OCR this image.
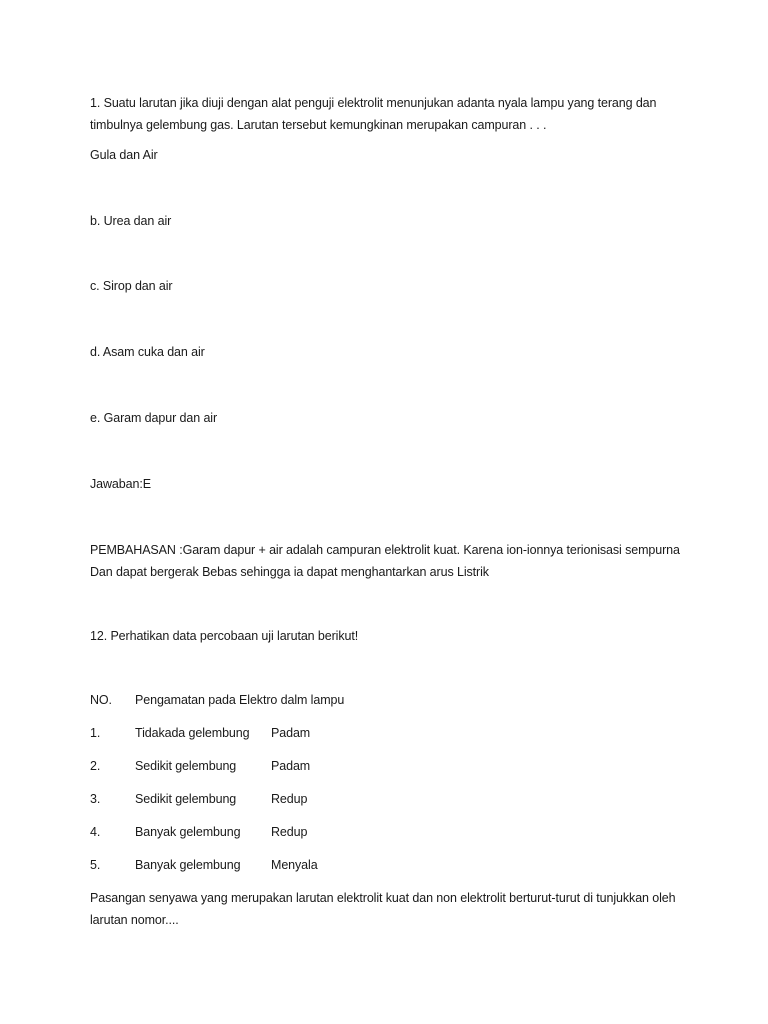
1. Suatu larutan jika diuji dengan alat penguji elektrolit menunjukan adanta nyala lampu yang terang dan timbulnya gelembung gas. Larutan tersebut kemungkinan merupakan campuran . . .
Gula dan Air
b. Urea dan air
c. Sirop dan air
d. Asam cuka dan air
e. Garam dapur dan air
Jawaban:E
PEMBAHASAN :Garam dapur + air adalah campuran elektrolit kuat. Karena ion-ionnya terionisasi sempurna Dan dapat bergerak Bebas sehingga ia dapat menghantarkan arus Listrik
12. Perhatikan data percobaan uji larutan berikut!
NO. Pengamatan pada Elektro dalm lampu
1.	Tidakada gelembung Padam
2.	Sedikit gelembung	Padam
3.	Sedikit gelembung	Redup
4.	Banyak gelembung Redup
5.	Banyak gelembung Menyala
Pasangan senyawa yang merupakan larutan elektrolit kuat dan non elektrolit berturut-turut di tunjukkan oleh larutan nomor....
